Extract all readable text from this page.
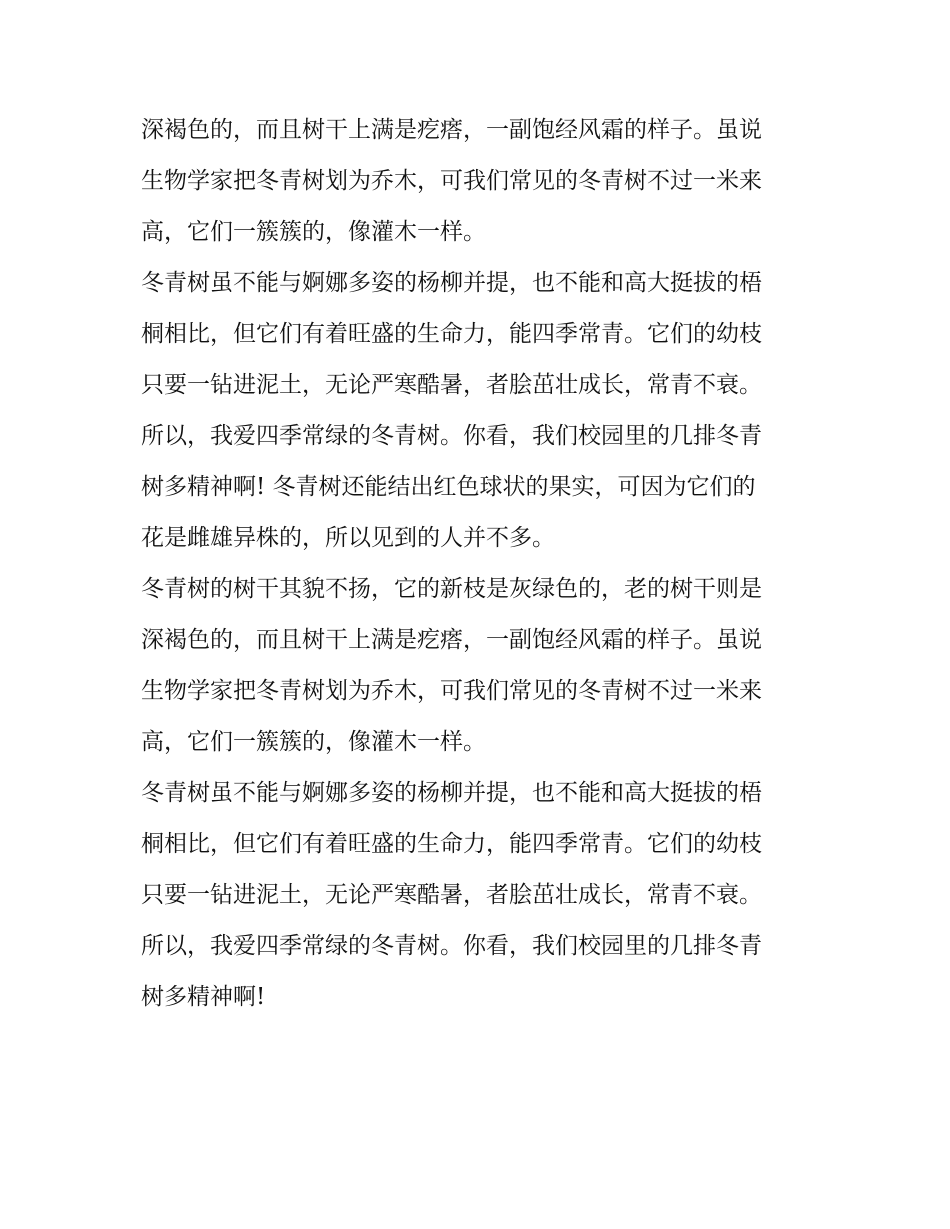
深褐色的，而且树干上满是疙瘩，一副饱经风霜的样子。虽说
生物学家把冬青树划为乔木，可我们常见的冬青树不过一米来
高，它们一簇簇的，像灌木一样。
冬青树虽不能与婀娜多姿的杨柳并提，也不能和高大挺拔的梧
桐相比，但它们有着旺盛的生命力，能四季常青。它们的幼枝
只要一钻进泥土，无论严寒酷暑，者脍茁壮成长，常青不衰。
所以，我爱四季常绿的冬青树。你看，我们校园里的几排冬青
树多精神啊! 冬青树还能结出红色球状的果实，可因为它们的
花是雌雄异株的，所以见到的人并不多。
冬青树的树干其貌不扬，它的新枝是灰绿色的，老的树干则是
深褐色的，而且树干上满是疙瘩，一副饱经风霜的样子。虽说
生物学家把冬青树划为乔木，可我们常见的冬青树不过一米来
高，它们一簇簇的，像灌木一样。
冬青树虽不能与婀娜多姿的杨柳并提，也不能和高大挺拔的梧
桐相比，但它们有着旺盛的生命力，能四季常青。它们的幼枝
只要一钻进泥土，无论严寒酷暑，者脍茁壮成长，常青不衰。
所以，我爱四季常绿的冬青树。你看，我们校园里的几排冬青
树多精神啊!
